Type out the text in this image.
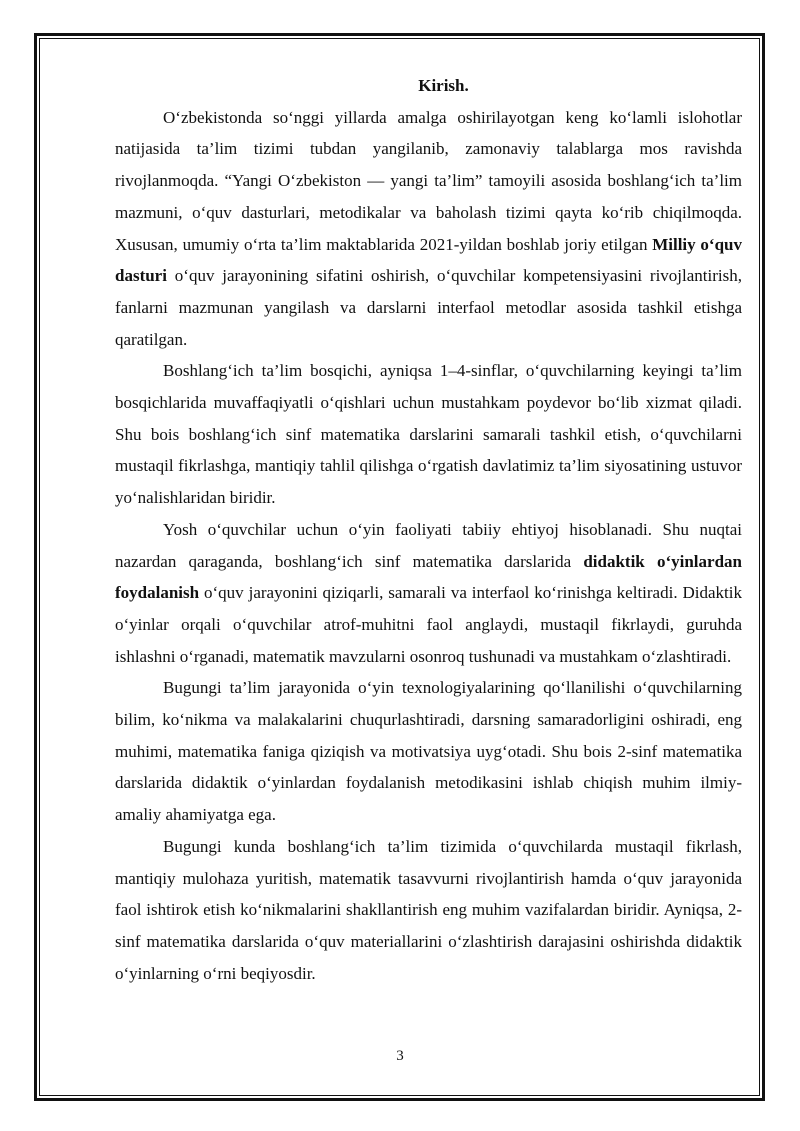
Kirish.

O‘zbekistonda so‘nggi yillarda amalga oshirilayotgan keng ko‘lamli islohotlar natijasida ta’lim tizimi tubdan yangilanib, zamonaviy talablarga mos ravishda rivojlanmoqda. “Yangi O‘zbekiston — yangi ta’lim” tamoyili asosida boshlang‘ich ta’lim mazmuni, o‘quv dasturlari, metodikalar va baholash tizimi qayta ko‘rib chiqilmoqda. Xususan, umumiy o‘rta ta’lim maktablarida 2021-yildan boshlab joriy etilgan Milliy o‘quv dasturi o‘quv jarayonining sifatini oshirish, o‘quvchilar kompetensiyasini rivojlantirish, fanlarni mazmunan yangilash va darslarni interfaol metodlar asosida tashkil etishga qaratilgan.

Boshlang‘ich ta’lim bosqichi, ayniqsa 1–4-sinflar, o‘quvchilarning keyingi ta’lim bosqichlarida muvaffaqiyatli o‘qishlari uchun mustahkam poydevor bo‘lib xizmat qiladi. Shu bois boshlang‘ich sinf matematika darslarini samarali tashkil etish, o‘quvchilarni mustaqil fikrlashga, mantiqiy tahlil qilishga o‘rgatish davlatimiz ta’lim siyosatining ustuvor yo‘nalishlaridan biridir.

Yosh o‘quvchilar uchun o‘yin faoliyati tabiiy ehtiyoj hisoblanadi. Shu nuqtai nazardan qaraganda, boshlang‘ich sinf matematika darslarida didaktik o‘yinlardan foydalanish o‘quv jarayonini qiziqarli, samarali va interfaol ko‘rinishga keltiradi. Didaktik o‘yinlar orqali o‘quvchilar atrof-muhitni faol anglaydi, mustaqil fikrlaydi, guruhda ishlashni o‘rganadi, matematik mavzularni osonroq tushunadi va mustahkam o‘zlashtiradi.

Bugungi ta’lim jarayonida o‘yin texnologiyalarining qo‘llanilishi o‘quvchilarning bilim, ko‘nikma va malakalarini chuqurlashtiradi, darsning samaradorligini oshiradi, eng muhimi, matematika faniga qiziqish va motivatsiya uyg‘otadi. Shu bois 2-sinf matematika darslarida didaktik o‘yinlardan foydalanish metodikasini ishlab chiqish muhim ilmiy-amaliy ahamiyatga ega.

Bugungi kunda boshlang‘ich ta’lim tizimida o‘quvchilarda mustaqil fikrlash, mantiqiy mulohaza yuritish, matematik tasavvurni rivojlantirish hamda o‘quv jarayonida faol ishtirok etish ko‘nikmalarini shakllantirish eng muhim vazifalardan biridir. Ayniqsa, 2-sinf matematika darslarida o‘quv materiallarini o‘zlashtirish darajasini oshirishda didaktik o‘yinlarning o‘rni beqiyosdir.

3
